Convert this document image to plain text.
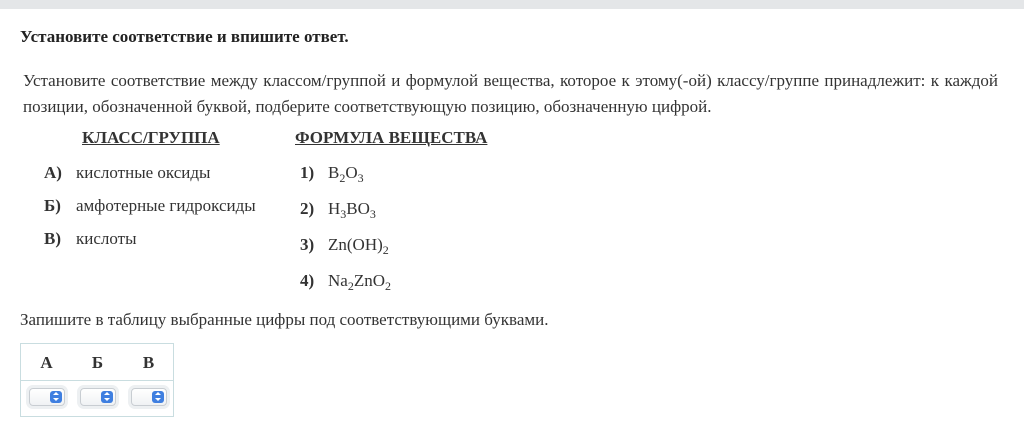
Установите соответствие и впишите ответ.
Установите соответствие между классом/группой и формулой вещества, которое к этому(-ой) классу/группе принадлежит: к каждой позиции, обозначенной буквой, подберите соответствующую позицию, обозначенную цифрой.
КЛАСС/ГРУППА	ФОРМУЛА ВЕЩЕСТВА
А) кислотные оксиды
Б) амфотерные гидроксиды
В) кислоты
1) $B_2O_3$
2) $H_3BO_3$
3) $Zn(OH)_2$
4) $Na_2ZnO_2$
Запишите в таблицу выбранные цифры под соответствующими буквами.
А	Б	В
